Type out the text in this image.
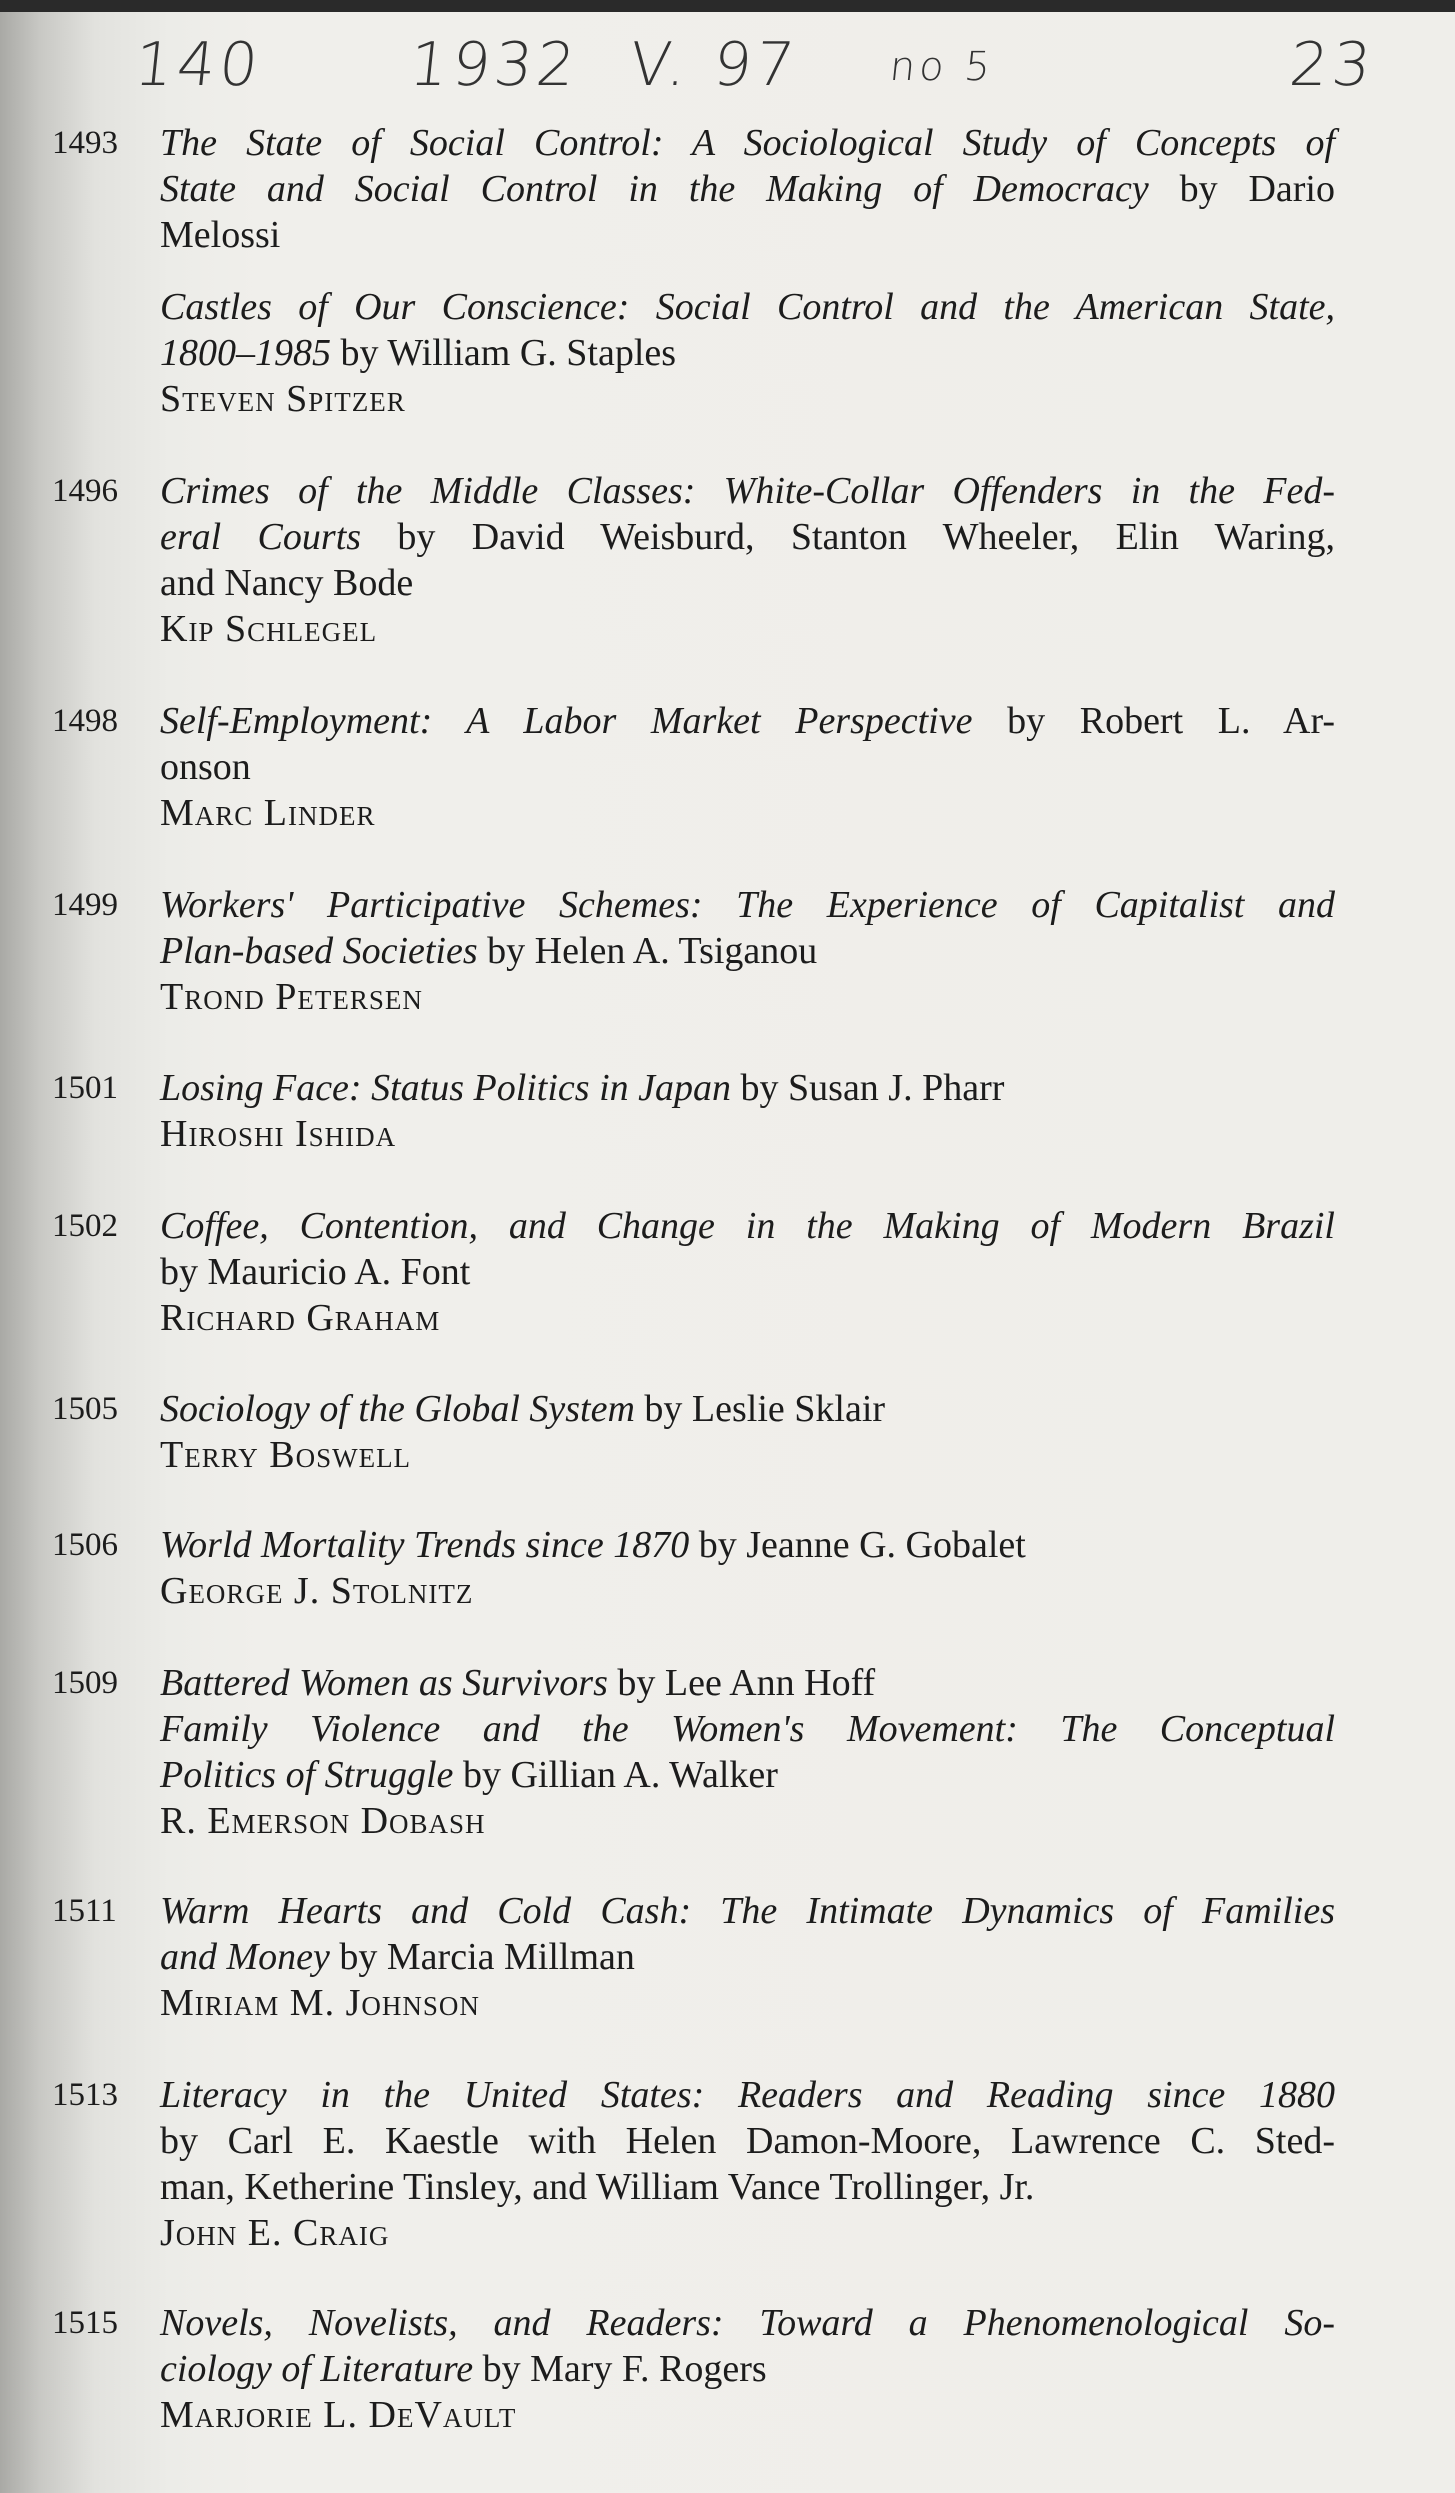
140 1932 V. 97 no 5	23
1493	The State of Social Control: A Sociological Study of Concepts of
State and Social Control in the Making of Democracy by Dario
Melossi
Castles of Our Conscience: Social Control and the American State,
1800–1985 by William G. Staples
Steven Spitzer
1496	Crimes of the Middle Classes: White-Collar Offenders in the Fed-
eral Courts by David Weisburd, Stanton Wheeler, Elin Waring,
and Nancy Bode
Kip Schlegel
1498	Self-Employment: A Labor Market Perspective by Robert L. Ar-
onson
Marc Linder
1499	Workers' Participative Schemes: The Experience of Capitalist and
Plan-based Societies by Helen A. Tsiganou
Trond Petersen
1501	Losing Face: Status Politics in Japan by Susan J. Pharr
Hiroshi Ishida
1502	Coffee, Contention, and Change in the Making of Modern Brazil
by Mauricio A. Font
Richard Graham
1505	Sociology of the Global System by Leslie Sklair
Terry Boswell
1506	World Mortality Trends since 1870 by Jeanne G. Gobalet
George J. Stolnitz
1509	Battered Women as Survivors by Lee Ann Hoff
Family Violence and the Women's Movement: The Conceptual
Politics of Struggle by Gillian A. Walker
R. Emerson Dobash
1511	Warm Hearts and Cold Cash: The Intimate Dynamics of Families
and Money by Marcia Millman
Miriam M. Johnson
1513	Literacy in the United States: Readers and Reading since 1880
by Carl E. Kaestle with Helen Damon-Moore, Lawrence C. Sted-
man, Ketherine Tinsley, and William Vance Trollinger, Jr.
John E. Craig
1515	Novels, Novelists, and Readers: Toward a Phenomenological So-
ciology of Literature by Mary F. Rogers
Marjorie L. DeVault
